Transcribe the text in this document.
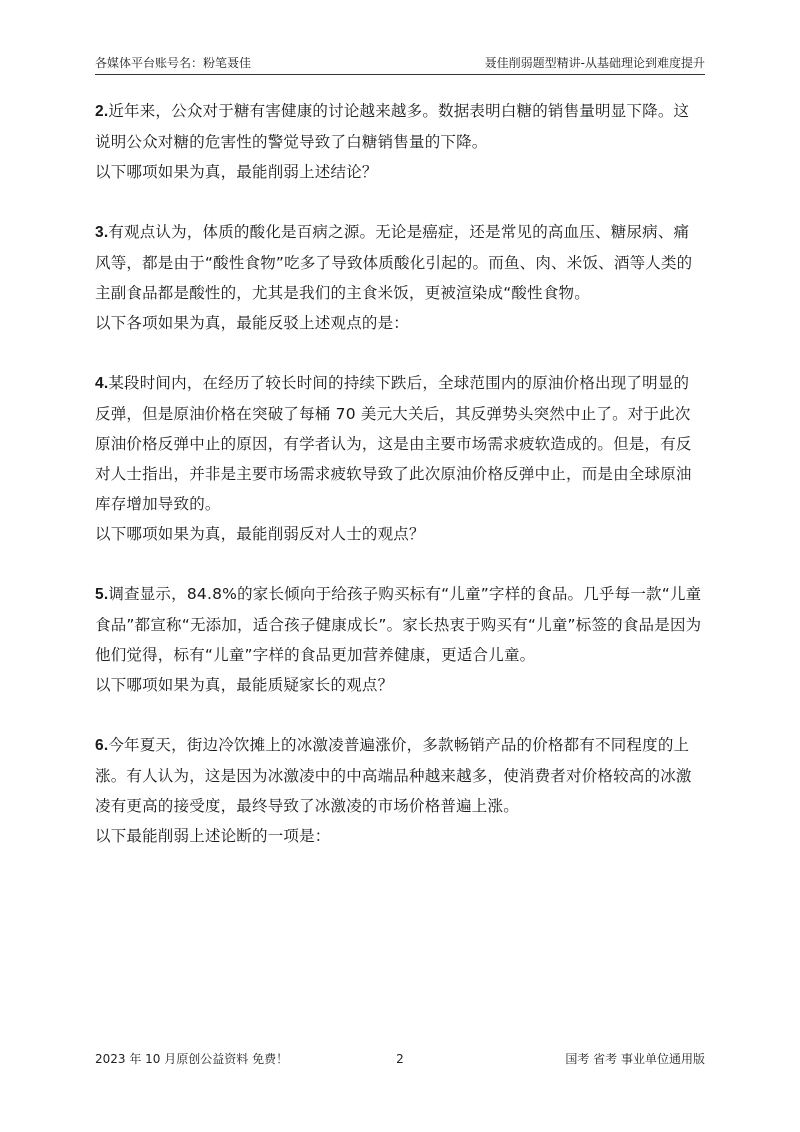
各媒体平台账号名：粉笔聂佳	聂佳削弱题型精讲-从基础理论到难度提升
2.近年来，公众对于糖有害健康的讨论越来越多。数据表明白糖的销售量明显下降。这
说明公众对糖的危害性的警觉导致了白糖销售量的下降。
以下哪项如果为真，最能削弱上述结论？
3.有观点认为，体质的酸化是百病之源。无论是癌症，还是常见的高血压、糖尿病、痛
风等，都是由于“酸性食物”吃多了导致体质酸化引起的。而鱼、肉、米饭、酒等人类的
主副食品都是酸性的，尤其是我们的主食米饭，更被渲染成“酸性食物。
以下各项如果为真，最能反驳上述观点的是：
4.某段时间内，在经历了较长时间的持续下跌后，全球范围内的原油价格出现了明显的
反弹，但是原油价格在突破了每桶 70 美元大关后，其反弹势头突然中止了。对于此次
原油价格反弹中止的原因，有学者认为，这是由主要市场需求疲软造成的。但是，有反
对人士指出，并非是主要市场需求疲软导致了此次原油价格反弹中止，而是由全球原油
库存增加导致的。
以下哪项如果为真，最能削弱反对人士的观点？
5.调查显示，84.8%的家长倾向于给孩子购买标有“儿童”字样的食品。几乎每一款“儿童
食品”都宣称“无添加，适合孩子健康成长”。家长热衷于购买有“儿童”标签的食品是因为
他们觉得，标有“儿童”字样的食品更加营养健康，更适合儿童。
以下哪项如果为真，最能质疑家长的观点？
6.今年夏天，街边冷饮摊上的冰激凌普遍涨价，多款畅销产品的价格都有不同程度的上
涨。有人认为，这是因为冰激凌中的中高端品种越来越多，使消费者对价格较高的冰激
凌有更高的接受度，最终导致了冰激凌的市场价格普遍上涨。
以下最能削弱上述论断的一项是：
2023 年 10 月原创公益资料 免费！	2	国考 省考 事业单位通用版
